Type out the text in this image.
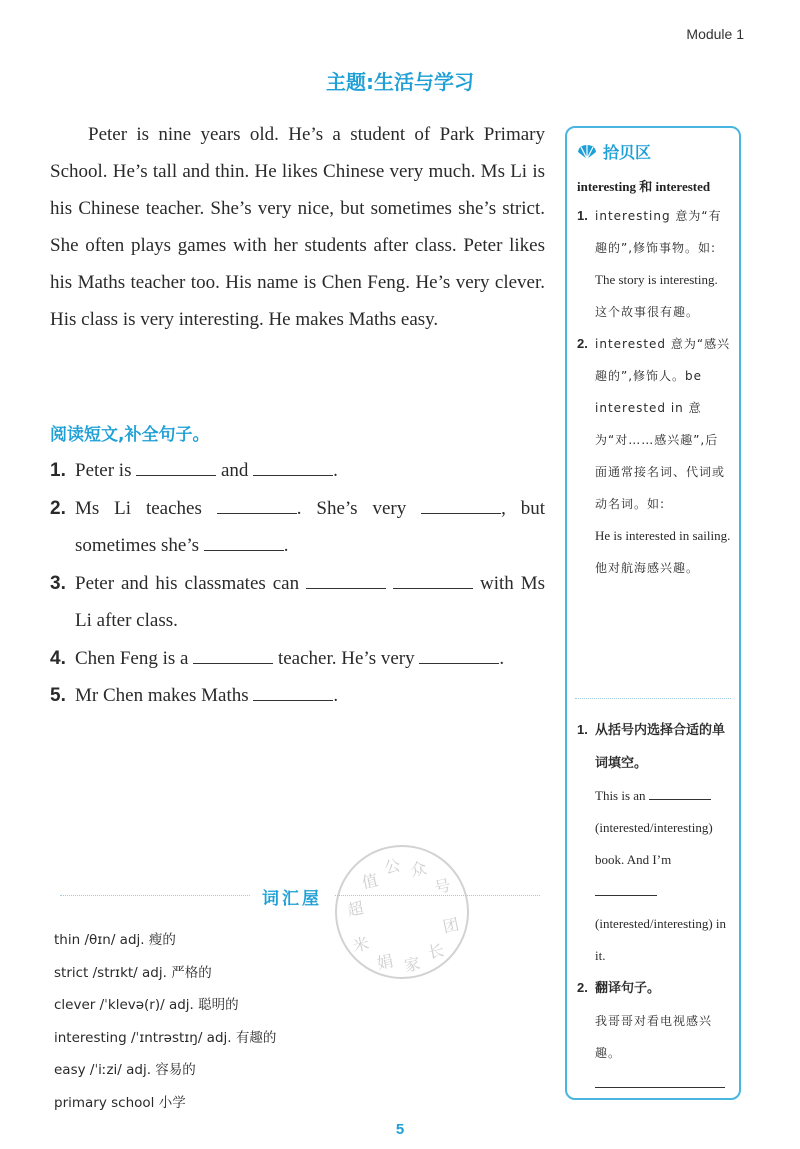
Module 1
主题:生活与学习

Peter is nine years old. He’s a student of Park Primary School. He’s tall and thin. He likes Chinese very much. Ms Li is his Chinese teacher. She’s very nice, but sometimes she’s strict. She often plays games with her students after class. Peter likes his Maths teacher too. His name is Chen Feng. He’s very clever. His class is very interesting. He makes Maths easy.

阅读短文,补全句子。
1. Peter is	and	.
2. Ms Li teaches	. She’s very	, but sometimes she’s	.
3. Peter and his classmates can	with Ms Li after class.
4. Chen Feng is a	teacher. He’s very	.
5. Mr Chen makes Maths	.
超
值
公 众
号
米
娟 家
长
团
词汇屋
thin /θɪn/ adj. 瘦的
strict /strɪkt/ adj. 严格的
clever /ˈklevə(r)/ adj. 聪明的
interesting /ˈɪntrəstɪŋ/ adj. 有趣的
easy /ˈiːzi/ adj. 容易的
primary school 小学
拾贝区
interesting 和 interested
1. interesting 意为“有趣的”,修饰事物。如:
The story is interesting.
这个故事很有趣。
2. interested 意为“感兴趣的”,修饰人。be interested in 意为“对……感兴趣”,后面通常接名词、代词或动名词。如:
He is interested in sailing.
他对航海感兴趣。
1. 从括号内选择合适的单词填空。
This is an  (interested/interesting) book. And I’m  (interested/interesting) in it.
2. 翻译句子。
我哥哥对看电视感兴趣。
5
